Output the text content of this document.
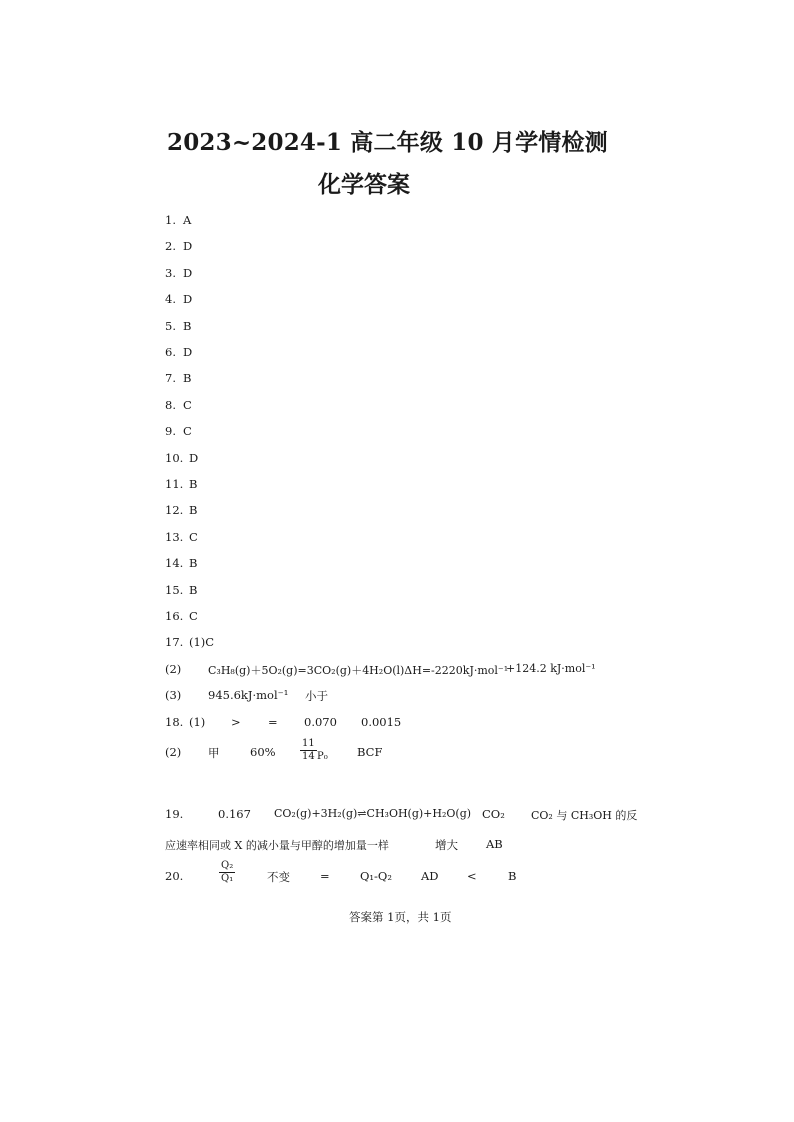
2023~2024-1 高二年级 10 月学情检测
化学答案
1. A
2. D
3. D
4. D
5. B
6. D
7. B
8. C
9. C
10. D
11. B
12. B
13. C
14. B
15. B
16. C
17. (1)C
(2) C₃H₈(g)＋5O₂(g)=3CO₂(g)＋4H₂O(l)ΔH=-2220kJ·mol⁻¹
+124.2 kJ·mol⁻¹
(3) 945.6kJ·mol⁻¹ 小于
18. (1) > = 0.070 0.0015
(2) 甲	$60\% \frac{11}{14} P_0$	BCF
19.	0.167 CO₂(g)+3H₂(g)⇌CH₃OH(g)+H₂O(g) CO₂ CO₂ 与 CH₃OH 的反
应速率相同或 X 的减小量与甲醇的增加量一样	增大 AB
20.	$\frac{\text{Q₂}}{\text{Q₁}}$	不变	=	Q₁-Q₂	AD <	B
答案第 1页，共 1页
